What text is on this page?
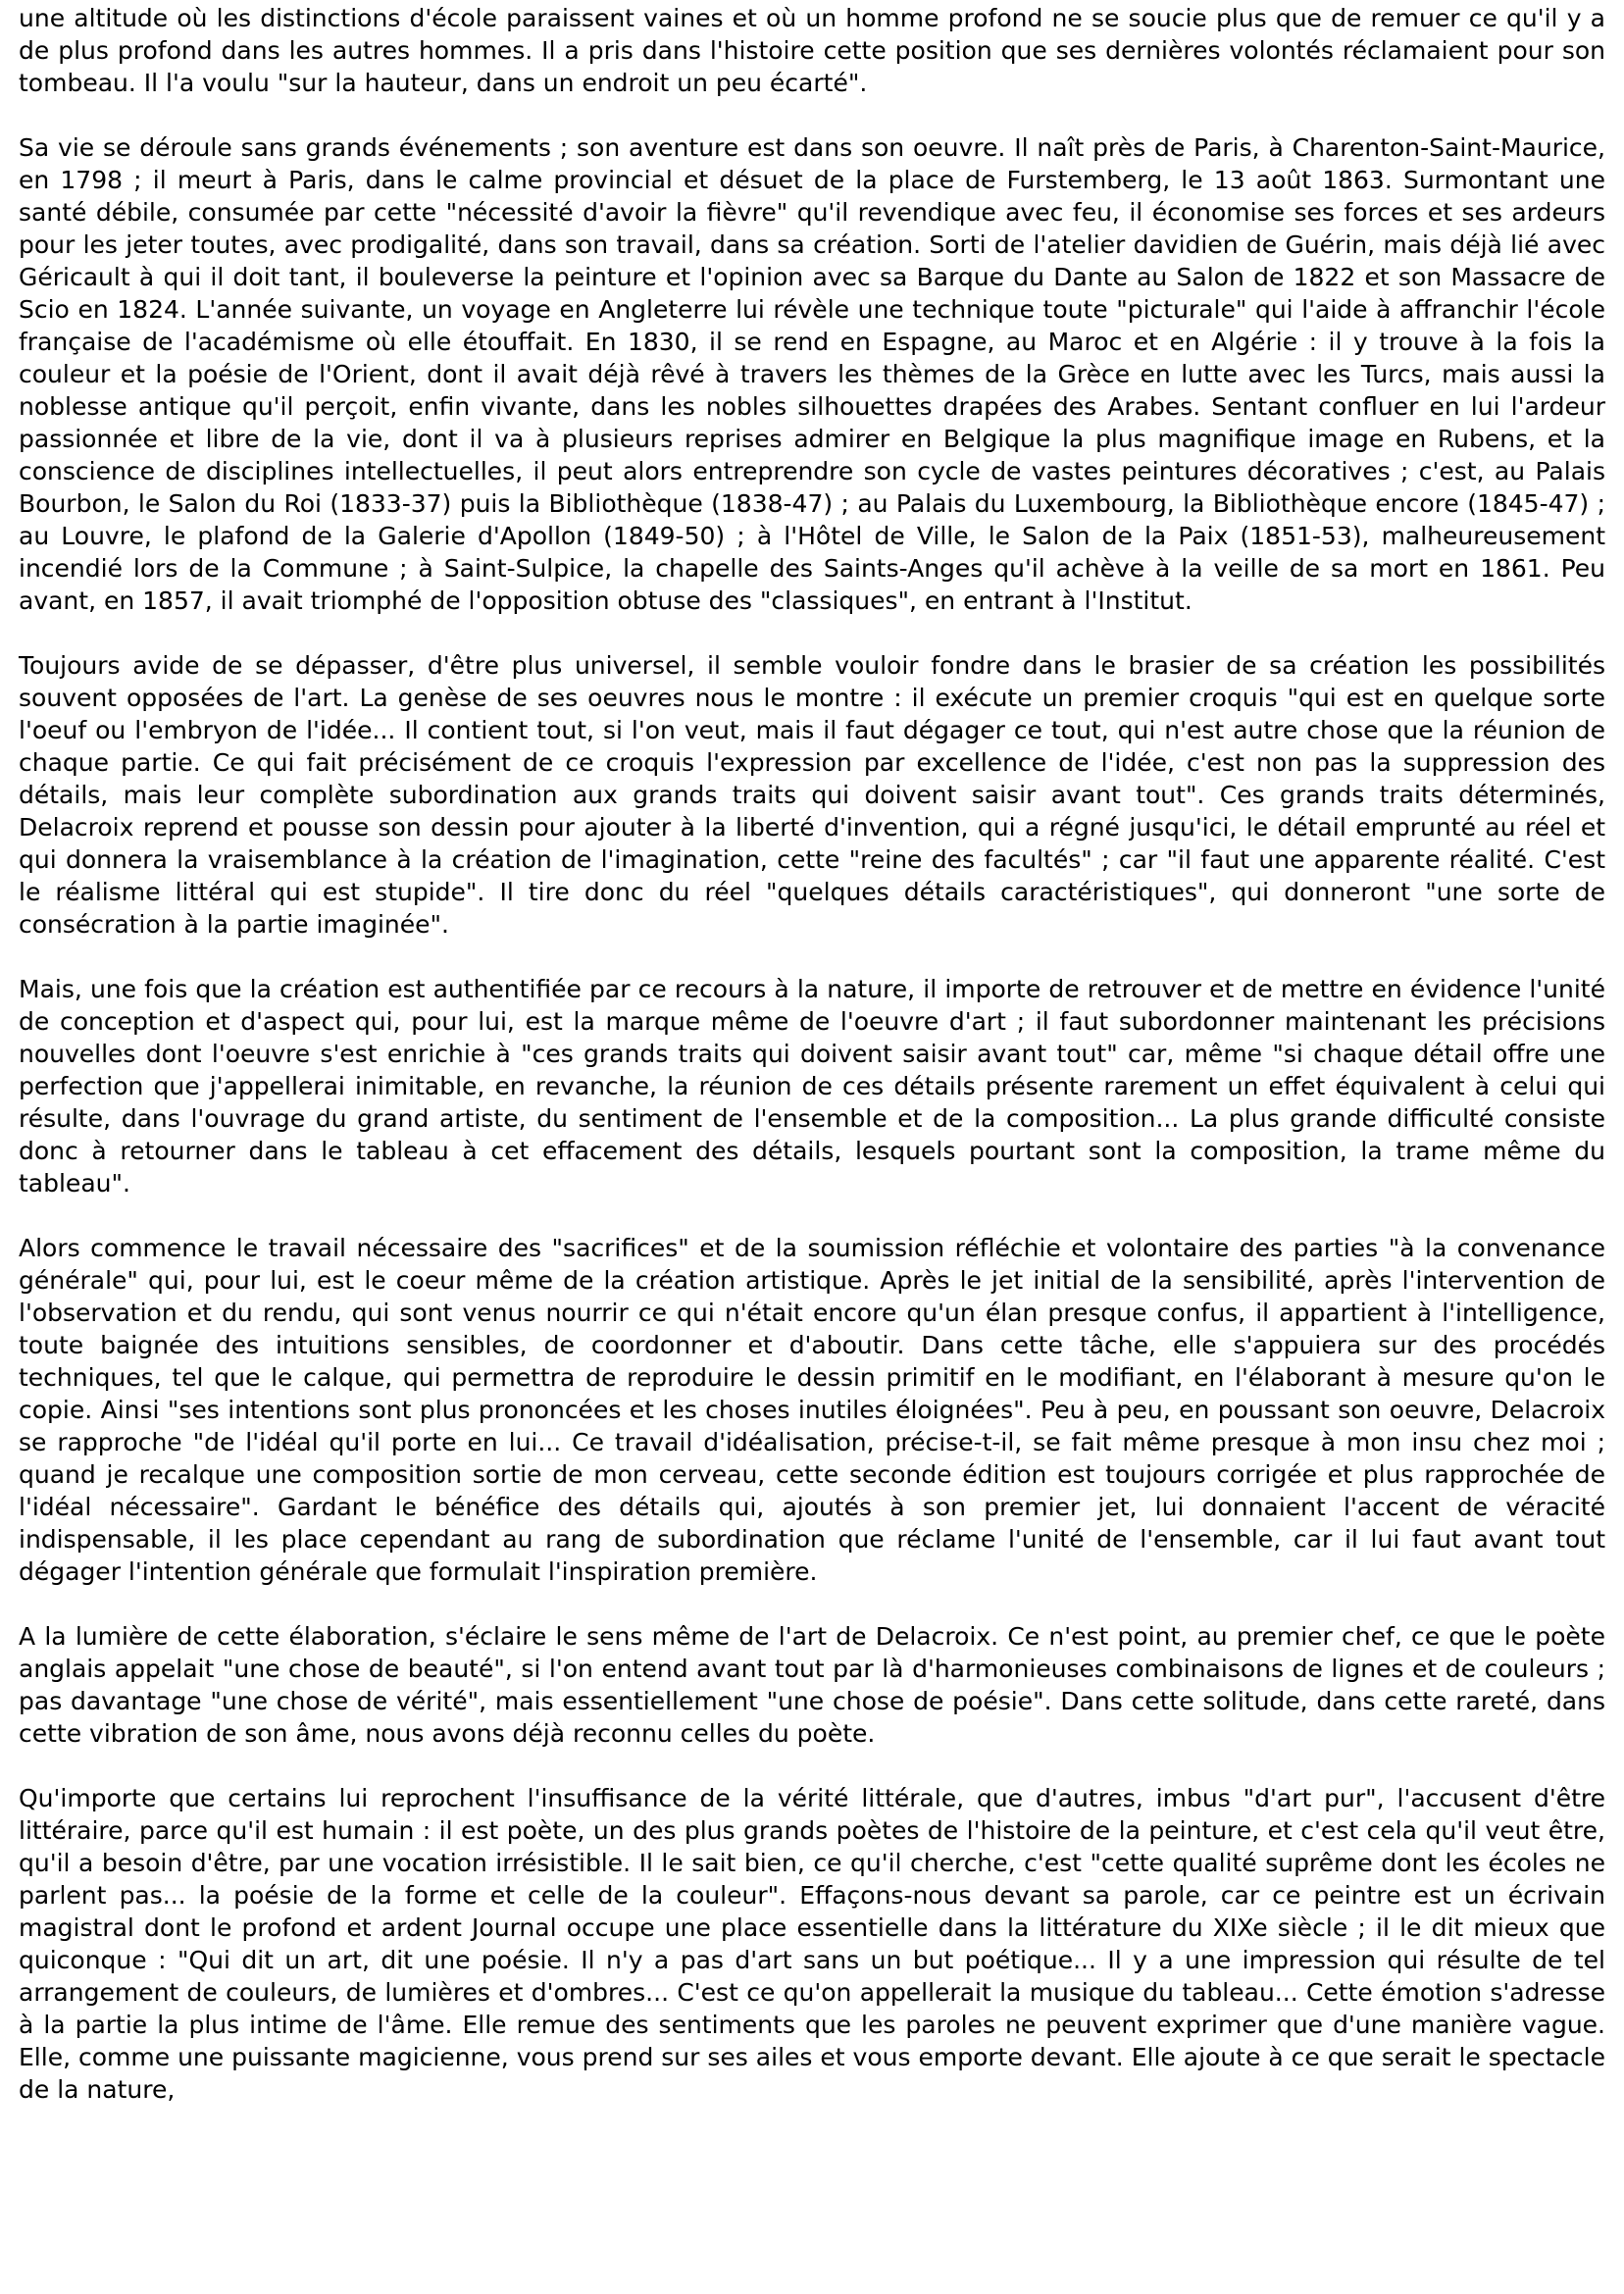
une altitude où les distinctions d'école paraissent vaines et où un homme profond ne se soucie plus que de remuer ce qu'il y a de plus profond dans les autres hommes. Il a pris dans l'histoire cette position que ses dernières volontés réclamaient pour son tombeau. Il l'a voulu "sur la hauteur, dans un endroit un peu écarté".

Sa vie se déroule sans grands événements ; son aventure est dans son oeuvre. Il naît près de Paris, à Charenton-Saint-Maurice, en 1798 ; il meurt à Paris, dans le calme provincial et désuet de la place de Furstemberg, le 13 août 1863. Surmontant une santé débile, consumée par cette "nécessité d'avoir la fièvre" qu'il revendique avec feu, il économise ses forces et ses ardeurs pour les jeter toutes, avec prodigalité, dans son travail, dans sa création. Sorti de l'atelier davidien de Guérin, mais déjà lié avec Géricault à qui il doit tant, il bouleverse la peinture et l'opinion avec sa Barque du Dante au Salon de 1822 et son Massacre de Scio en 1824. L'année suivante, un voyage en Angleterre lui révèle une technique toute "picturale" qui l'aide à affranchir l'école française de l'académisme où elle étouffait. En 1830, il se rend en Espagne, au Maroc et en Algérie : il y trouve à la fois la couleur et la poésie de l'Orient, dont il avait déjà rêvé à travers les thèmes de la Grèce en lutte avec les Turcs, mais aussi la noblesse antique qu'il perçoit, enfin vivante, dans les nobles silhouettes drapées des Arabes. Sentant confluer en lui l'ardeur passionnée et libre de la vie, dont il va à plusieurs reprises admirer en Belgique la plus magnifique image en Rubens, et la conscience de disciplines intellectuelles, il peut alors entreprendre son cycle de vastes peintures décoratives ; c'est, au Palais Bourbon, le Salon du Roi (1833-37) puis la Bibliothèque (1838-47) ; au Palais du Luxembourg, la Bibliothèque encore (1845-47) ; au Louvre, le plafond de la Galerie d'Apollon (1849-50) ; à l'Hôtel de Ville, le Salon de la Paix (1851-53), malheureusement incendié lors de la Commune ; à Saint-Sulpice, la chapelle des Saints-Anges qu'il achève à la veille de sa mort en 1861. Peu avant, en 1857, il avait triomphé de l'opposition obtuse des "classiques", en entrant à l'Institut.

Toujours avide de se dépasser, d'être plus universel, il semble vouloir fondre dans le brasier de sa création les possibilités souvent opposées de l'art. La genèse de ses oeuvres nous le montre : il exécute un premier croquis "qui est en quelque sorte l'oeuf ou l'embryon de l'idée... Il contient tout, si l'on veut, mais il faut dégager ce tout, qui n'est autre chose que la réunion de chaque partie. Ce qui fait précisément de ce croquis l'expression par excellence de l'idée, c'est non pas la suppression des détails, mais leur complète subordination aux grands traits qui doivent saisir avant tout". Ces grands traits déterminés, Delacroix reprend et pousse son dessin pour ajouter à la liberté d'invention, qui a régné jusqu'ici, le détail emprunté au réel et qui donnera la vraisemblance à la création de l'imagination, cette "reine des facultés" ; car "il faut une apparente réalité. C'est le réalisme littéral qui est stupide". Il tire donc du réel "quelques détails caractéristiques", qui donneront "une sorte de consécration à la partie imaginée".

Mais, une fois que la création est authentifiée par ce recours à la nature, il importe de retrouver et de mettre en évidence l'unité de conception et d'aspect qui, pour lui, est la marque même de l'oeuvre d'art ; il faut subordonner maintenant les précisions nouvelles dont l'oeuvre s'est enrichie à "ces grands traits qui doivent saisir avant tout" car, même "si chaque détail offre une perfection que j'appellerai inimitable, en revanche, la réunion de ces détails présente rarement un effet équivalent à celui qui résulte, dans l'ouvrage du grand artiste, du sentiment de l'ensemble et de la composition... La plus grande difficulté consiste donc à retourner dans le tableau à cet effacement des détails, lesquels pourtant sont la composition, la trame même du tableau".

Alors commence le travail nécessaire des "sacrifices" et de la soumission réfléchie et volontaire des parties "à la convenance générale" qui, pour lui, est le coeur même de la création artistique. Après le jet initial de la sensibilité, après l'intervention de l'observation et du rendu, qui sont venus nourrir ce qui n'était encore qu'un élan presque confus, il appartient à l'intelligence, toute baignée des intuitions sensibles, de coordonner et d'aboutir. Dans cette tâche, elle s'appuiera sur des procédés techniques, tel que le calque, qui permettra de reproduire le dessin primitif en le modifiant, en l'élaborant à mesure qu'on le copie. Ainsi "ses intentions sont plus prononcées et les choses inutiles éloignées". Peu à peu, en poussant son oeuvre, Delacroix se rapproche "de l'idéal qu'il porte en lui... Ce travail d'idéalisation, précise-t-il, se fait même presque à mon insu chez moi ; quand je recalque une composition sortie de mon cerveau, cette seconde édition est toujours corrigée et plus rapprochée de l'idéal nécessaire". Gardant le bénéfice des détails qui, ajoutés à son premier jet, lui donnaient l'accent de véracité indispensable, il les place cependant au rang de subordination que réclame l'unité de l'ensemble, car il lui faut avant tout dégager l'intention générale que formulait l'inspiration première.

A la lumière de cette élaboration, s'éclaire le sens même de l'art de Delacroix. Ce n'est point, au premier chef, ce que le poète anglais appelait "une chose de beauté", si l'on entend avant tout par là d'harmonieuses combinaisons de lignes et de couleurs ; pas davantage "une chose de vérité", mais essentiellement "une chose de poésie". Dans cette solitude, dans cette rareté, dans cette vibration de son âme, nous avons déjà reconnu celles du poète.

Qu'importe que certains lui reprochent l'insuffisance de la vérité littérale, que d'autres, imbus "d'art pur", l'accusent d'être littéraire, parce qu'il est humain : il est poète, un des plus grands poètes de l'histoire de la peinture, et c'est cela qu'il veut être, qu'il a besoin d'être, par une vocation irrésistible. Il le sait bien, ce qu'il cherche, c'est "cette qualité suprême dont les écoles ne parlent pas... la poésie de la forme et celle de la couleur". Effaçons-nous devant sa parole, car ce peintre est un écrivain magistral dont le profond et ardent Journal occupe une place essentielle dans la littérature du XIXe siècle ; il le dit mieux que quiconque : "Qui dit un art, dit une poésie. Il n'y a pas d'art sans un but poétique... Il y a une impression qui résulte de tel arrangement de couleurs, de lumières et d'ombres... C'est ce qu'on appellerait la musique du tableau... Cette émotion s'adresse à la partie la plus intime de l'âme. Elle remue des sentiments que les paroles ne peuvent exprimer que d'une manière vague. Elle, comme une puissante magicienne, vous prend sur ses ailes et vous emporte devant. Elle ajoute à ce que serait le spectacle de la nature,
